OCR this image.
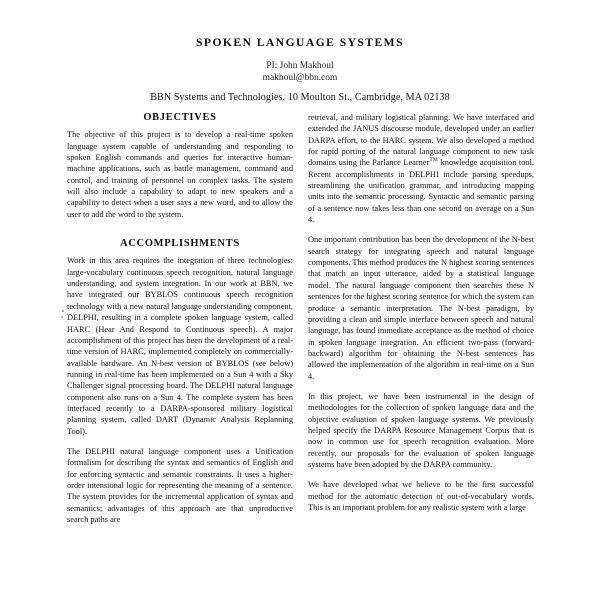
SPOKEN LANGUAGE SYSTEMS
PI: John Makhoul
makhoul@bbn.com
BBN Systems and Technologies, 10 Moulton St., Cambridge, MA 02138
OBJECTIVES

The objective of this project is to develop a real-time spoken language system capable of understanding and responding to spoken English commands and queries for interactive human-machine applications, such as battle management, command and control, and training of personnel on complex tasks. The system will also include a capability to adapt to new speakers and a capability to detect when a user says a new word, and to allow the user to add the word to the system.

ACCOMPLISHMENTS

Work in this area requires the integration of three technologies: large-vocabulary continuous speech recognition, natural language understanding, and system integration. In our work at BBN, we have integrated our BYBLOS continuous speech recognition technology with a new natural language understanding component, DELPHI, resulting in a complete spoken language system, called HARC (Hear And Respond to Continuous speech). A major accomplishment of this project has been the development of a real-time version of HARC, implemented completely on commercially-available hardware. An N-best version of BYBLOS (see below) running in real-time has been implemented on a Sun 4 with a Sky Challenger signal processing board. The DELPHI natural language component also runs on a Sun 4. The complete system has been interfaced recently to a DARPA-sponsored military logistical planning system, called DART (Dynamic Analysis Replanning Tool).

The DELPHI natural language component uses a Unification formalism for describing the syntax and semantics of English and for enforcing syntactic and semantic constraints. It uses a higher-order intensional logic for representing the meaning of a sentence. The system provides for the incremental application of syntax and semantics; advantages of this approach are that unproductive search paths are

retrieval, and military logistical planning. We have interfaced and extended the JANUS discourse module, developed under an earlier DARPA effort, to the HARC system. We also developed a method for rapid porting of the natural language component to new task domains using the Parlance Learner™ knowledge acquisition tool. Recent accomplishments in DELPHI include parsing speedups, streamlining the unification grammar, and introducing mapping units into the semantic processing. Syntactic and semantic parsing of a sentence now takes less than one second on average on a Sun 4.

One important contribution has been the development of the N-best search strategy for integrating speech and natural language components. This method produces the N highest scoring sentences that match an input utterance, aided by a statistical language model. The natural language component then searches these N sentences for the highest scoring sentence for which the system can produce a semantic interpretation. The N-best paradigm, by providing a clean and simple interface between speech and natural language, has found immediate acceptance as the method of choice in spoken language integration. An efficient two-pass (forward-backward) algorithm for obtaining the N-best sentences has allowed the implementation of the algorithm in real-time on a Sun 4.

In this project, we have been instrumental in the design of methodologies for the collection of spoken language data and the objective evaluation of spoken language systems. We previously helped specify the DARPA Resource Management Corpus that is now in common use for speech recognition evaluation. More recently, our proposals for the evaluation of spoken language systems have been adopted by the DARPA community.

We have developed what we believe to be the first successful method for the automatic detection of out-of-vocabulary words. This is an important problem for any realistic system with a large
